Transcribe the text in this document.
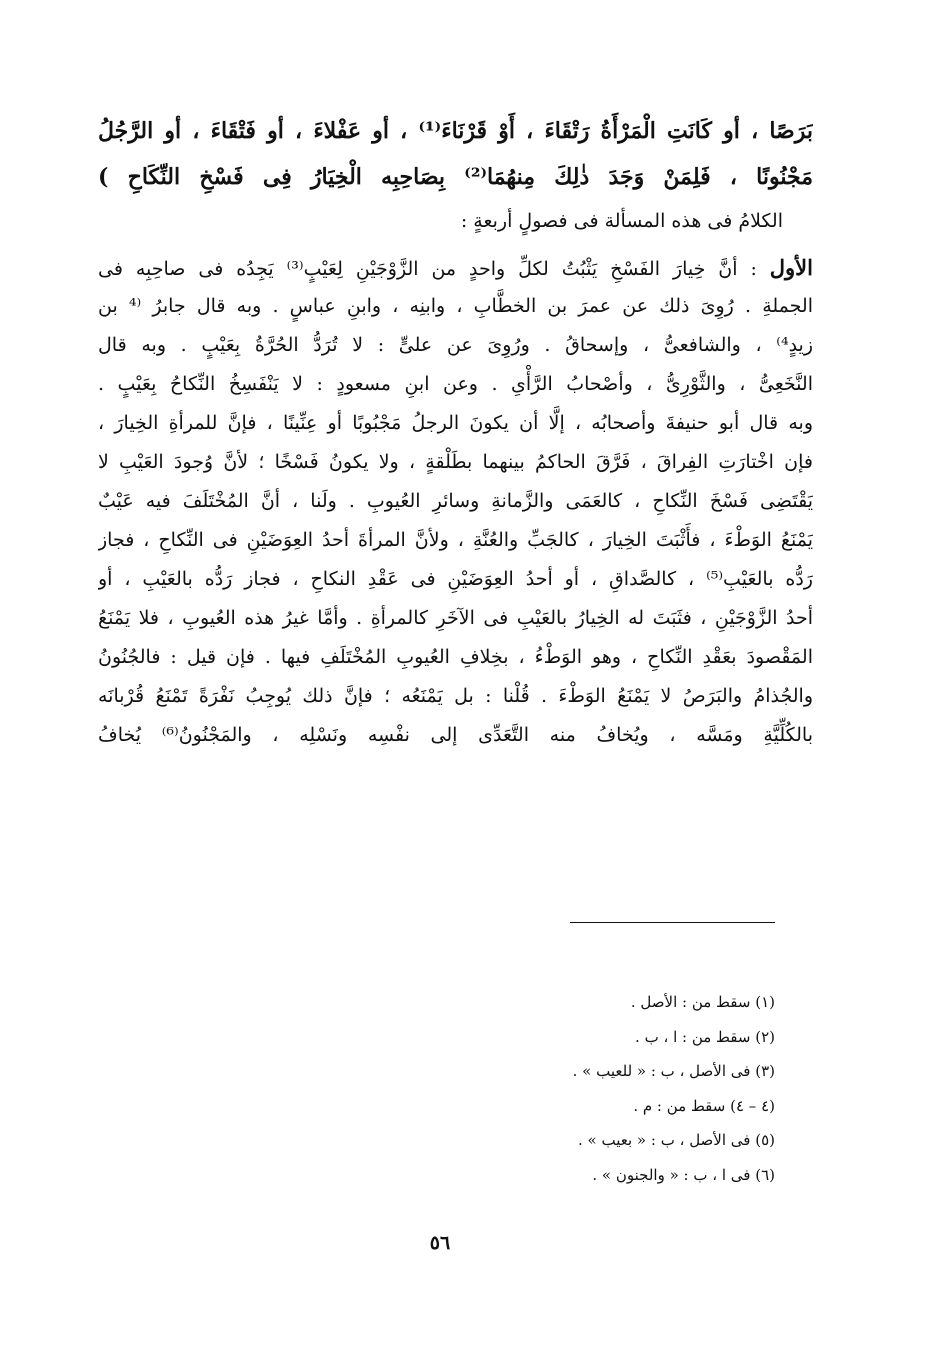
بَرَصًا ، أو كَانَتِ الْمَرْأَةُ رَتْقَاءَ ، أَوْ قَرْنَاءَ⁽¹⁾ ، أو عَفْلاءَ ، أو فَتْقَاءَ ، أو الرَّجُلُ
مَجْنُونًا ، فَلِمَنْ وَجَدَ ذٰلِكَ مِنهُمَا⁽²⁾ بِصَاحِبِه الْخِيَارُ فِى فَسْخِ النِّكَاحِ )
الكلامُ فى هذه المسألة فى فصولٍ أربعةٍ :
الأول : أنَّ خِيارَ الفَسْخِ يَثْبُتُ لكلِّ واحدٍ من الزَّوْجَيْنِ لِعَيْبٍ⁽³⁾ يَجِدُه فى صاحِبِه فى
الجملةِ . رُوِىَ ذلك عن عمرَ بن الخطَّابِ ، وابنِه ، وابنِ عباسٍ . وبه قال جابرُ ⁽⁴ بن
زيدٍ⁴⁾ ، والشافعىُّ ، وإسحاقُ . ورُوِىَ عن علىٍّ : لا تُرَدُّ الحُرَّةُ بِعَيْبٍ . وبه قال
النَّخَعِىُّ ، والثَّوْرِىُّ ، وأصْحابُ الرَّأْىِ . وعن ابنِ مسعودٍ : لا يَنْفَسِخُ النِّكاحُ بِعَيْبٍ .
وبه قال أبو حنيفةَ وأصحابُه ، إلَّا أن يكونَ الرجلُ مَجْبُوبًا أو عِنِّينًا ، فإنَّ للمرأةِ الخِيارَ ،
فإن اخْتارَتِ الفِراقَ ، فَرَّقَ الحاكمُ بينهما بطَلْقةٍ ، ولا يكونُ فَسْخًا ؛ لأنَّ وُجودَ العَيْبِ لا
يَقْتَضِى فَسْخَ النِّكاحِ ، كالعَمَى والزَّمانةِ وسائرِ العُيوبِ . ولَنا ، أنَّ المُخْتَلَفَ فيه عَيْبٌ
يَمْنَعُ الوَطْءَ ، فأَثْبَتَ الخِيارَ ، كالجَبِّ والعُنَّةِ ، ولأنَّ المرأةَ أحدُ العِوَضَيْنِ فى النِّكاحِ ، فجاز
رَدُّه بالعَيْبِ⁽⁵⁾ ، كالصَّداقِ ، أو أحدُ العِوَضَيْنِ فى عَقْدِ النكاحِ ، فجاز رَدُّه بالعَيْبِ ، أو
أحدُ الزَّوْجَيْنِ ، فثَبَتَ له الخِيارُ بالعَيْبِ فى الآخَرِ كالمرأةِ . وأمَّا غيرُ هذه العُيوبِ ، فلا يَمْنَعُ
المَقْصودَ بعَقْدِ النِّكاحِ ، وهو الوَطْءُ ، بخِلافِ العُيوبِ المُخْتَلَفِ فيها . فإن قيل : فالجُنُونُ
والجُذامُ والبَرَصُ لا يَمْنَعُ الوَطْءَ . قُلْنا : بل يَمْنَعُه ؛ فإنَّ ذلك يُوجِبُ نَفْرَةً تَمْنَعُ قُرْبانَه
بالكُلِّيَّةِ ومَسَّه ، ويُخافُ منه التَّعَدِّى إلى نفْسِه ونَسْلِه ، والمَجْنُونُ⁽⁶⁾ يُخافُ
(١) سقط من : الأصل .
(٢) سقط من : ا ، ب .
(٣) فى الأصل ، ب : « للعيب » .
(٤ – ٤) سقط من : م .
(٥) فى الأصل ، ب : « بعيب » .
(٦) فى ا ، ب : « والجنون » .
٥٦
